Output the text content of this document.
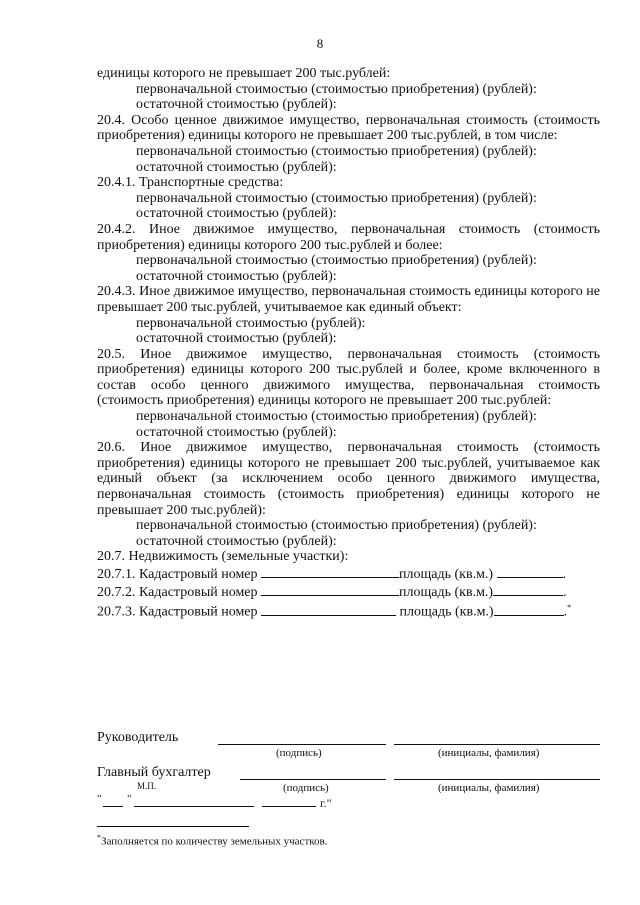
8

единицы которого не превышает 200 тыс.рублей:

первоначальной стоимостью (стоимостью приобретения) (рублей):

остаточной стоимостью (рублей):

20.4. Особо ценное движимое имущество, первоначальная стоимость (стоимость приобретения) единицы которого не превышает 200 тыс.рублей, в том числе:

первоначальной стоимостью (стоимостью приобретения) (рублей):

остаточной стоимостью (рублей):

20.4.1. Транспортные средства:

первоначальной стоимостью (стоимостью приобретения) (рублей):

остаточной стоимостью (рублей):

20.4.2. Иное движимое имущество, первоначальная стоимость (стоимость приобретения) единицы которого 200 тыс.рублей и более:

первоначальной стоимостью (стоимостью приобретения) (рублей):

остаточной стоимостью (рублей):

20.4.3. Иное движимое имущество, первоначальная стоимость единицы которого не превышает 200 тыс.рублей, учитываемое как единый объект:

первоначальной стоимостью (рублей):

остаточной стоимостью (рублей):

20.5. Иное движимое имущество, первоначальная стоимость (стоимость приобретения) единицы которого 200 тыс.рублей и более, кроме включенного в состав особо ценного движимого имущества, первоначальная стоимость (стоимость приобретения) единицы которого не превышает 200 тыс.рублей:

первоначальной стоимостью (стоимостью приобретения) (рублей):

остаточной стоимостью (рублей):

20.6. Иное движимое имущество, первоначальная стоимость (стоимость приобретения) единицы которого не превышает 200 тыс.рублей, учитываемое как единый объект (за исключением особо ценного движимого имущества, первоначальная стоимость (стоимость приобретения) единицы которого не превышает 200 тыс.рублей):

первоначальной стоимостью (стоимостью приобретения) (рублей):

остаточной стоимостью (рублей):

20.7. Недвижимость (земельные участки):

20.7.1. Кадастровый номер	площадь (кв.м.)	.

20.7.2. Кадастровый номер	площадь (кв.м.)	.

20.7.3. Кадастровый номер	площадь (кв.м.)	.*

Руководитель
(подпись)	(инициалы, фамилия)
Главный бухгалтер
М.П.	(подпись)	(инициалы, фамилия)
" "	г."
*Заполняется по количеству земельных участков.
